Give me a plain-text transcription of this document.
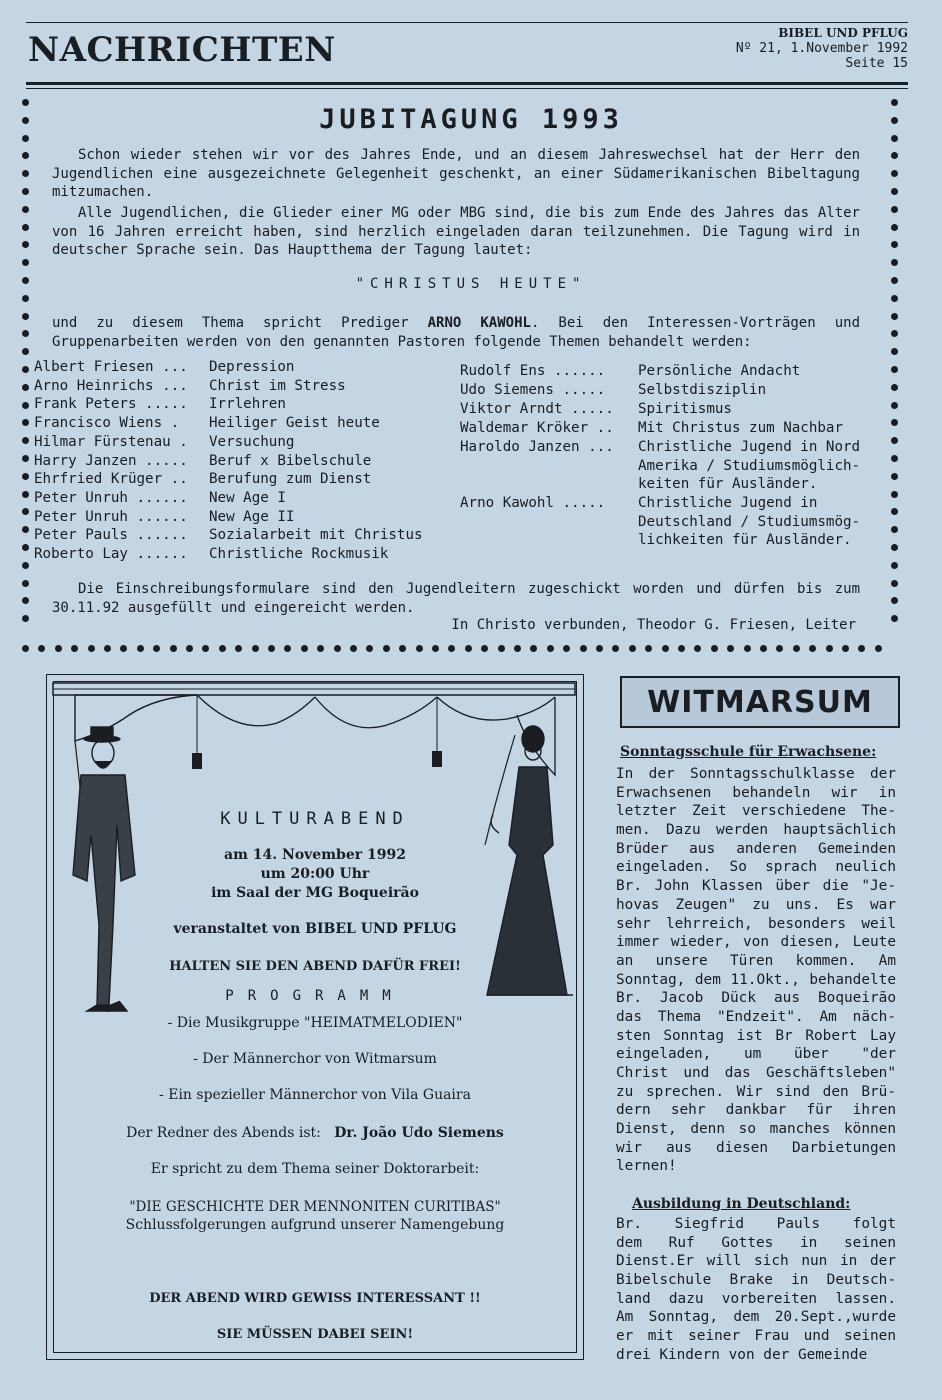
NACHRICHTEN	BIBEL UND PFLUG
Nº 21, 1.November 1992
Seite 15
JUBITAGUNG 1993
Schon wieder stehen wir vor des Jahres Ende, und an diesem Jahreswechsel hat der Herr den Jugendlichen eine ausgezeichnete Gelegenheit geschenkt, an einer Südamerikanischen Bibeltagung mitzumachen.
Alle Jugendlichen, die Glieder einer MG oder MBG sind, die bis zum Ende des Jahres das Alter von 16 Jahren erreicht haben, sind herzlich eingeladen daran teilzunehmen. Die Tagung wird in deutscher Sprache sein. Das Hauptthema der Tagung lautet:
"CHRISTUS HEUTE"
und zu diesem Thema spricht Prediger ARNO KAWOHL. Bei den Interessen-Vorträgen und Gruppenarbeiten werden von den genannten Pastoren folgende Themen behandelt werden:
Albert Friesen ... Depression
Arno Heinrichs ... Christ im Stress
Frank Peters ..... Irrlehren
Francisco Wiens . Heiliger Geist heute
Hilmar Fürstenau . Versuchung
Harry Janzen ..... Beruf x Bibelschule
Ehrfried Krüger .. Berufung zum Dienst
Peter Unruh ...... New Age I
Peter Unruh ...... New Age II
Peter Pauls ...... Sozialarbeit mit Christus
Roberto Lay ...... Christliche Rockmusik
Rudolf Ens ...... Persönliche Andacht
Udo Siemens ..... Selbstdisziplin
Viktor Arndt ..... Spiritismus
Waldemar Kröker .. Mit Christus zum Nachbar
Haroldo Janzen ... Christliche Jugend in Nord
Amerika / Studiumsmöglich-
keiten für Ausländer.
Arno Kawohl ..... Christliche Jugend in
Deutschland / Studiumsmög-
lichkeiten für Ausländer.
Die Einschreibungsformulare sind den Jugendleitern zugeschickt worden und dürfen bis zum 30.11.92 ausgefüllt und eingereicht werden.
In Christo verbunden, Theodor G. Friesen, Leiter
KULTURABEND
am 14. November 1992
um 20:00 Uhr
im Saal der MG Boqueirão
veranstaltet von BIBEL UND PFLUG
HALTEN SIE DEN ABEND DAFÜR FREI!
PROGRAMM
- Die Musikgruppe "HEIMATMELODIEN"
- Der Männerchor von Witmarsum
- Ein spezieller Männerchor von Vila Guaira
Der Redner des Abends ist: Dr. João Udo Siemens
Er spricht zu dem Thema seiner Doktorarbeit:
"DIE GESCHICHTE DER MENNONITEN CURITIBAS"
Schlussfolgerungen aufgrund unserer Namengebung
DER ABEND WIRD GEWISS INTERESSANT !!
SIE MÜSSEN DABEI SEIN!
WITMARSUM
Sonntagsschule für Erwachsene:
In der Sonntagsschulklasse der
Erwachsenen behandeln wir in
letzter Zeit verschiedene The-
men. Dazu werden hauptsächlich
Brüder aus anderen Gemeinden
eingeladen. So sprach neulich
Br. John Klassen über die "Je-
hovas Zeugen" zu uns. Es war
sehr lehrreich, besonders weil
immer wieder, von diesen, Leute
an unsere Türen kommen. Am
Sonntag, dem 11.Okt., behandelte
Br. Jacob Dück aus Boqueirão
das Thema "Endzeit". Am näch-
sten Sonntag ist Br Robert Lay
eingeladen, um über "der
Christ und das Geschäftsleben"
zu sprechen. Wir sind den Brü-
dern sehr dankbar für ihren
Dienst, denn so manches können
wir aus diesen Darbietungen
lernen!
Ausbildung in Deutschland:
Br. Siegfrid Pauls folgt
dem Ruf Gottes in seinen
Dienst.Er will sich nun in der
Bibelschule Brake in Deutsch-
land dazu vorbereiten lassen.
Am Sonntag, dem 20.Sept.,wurde
er mit seiner Frau und seinen
drei Kindern von der Gemeinde
